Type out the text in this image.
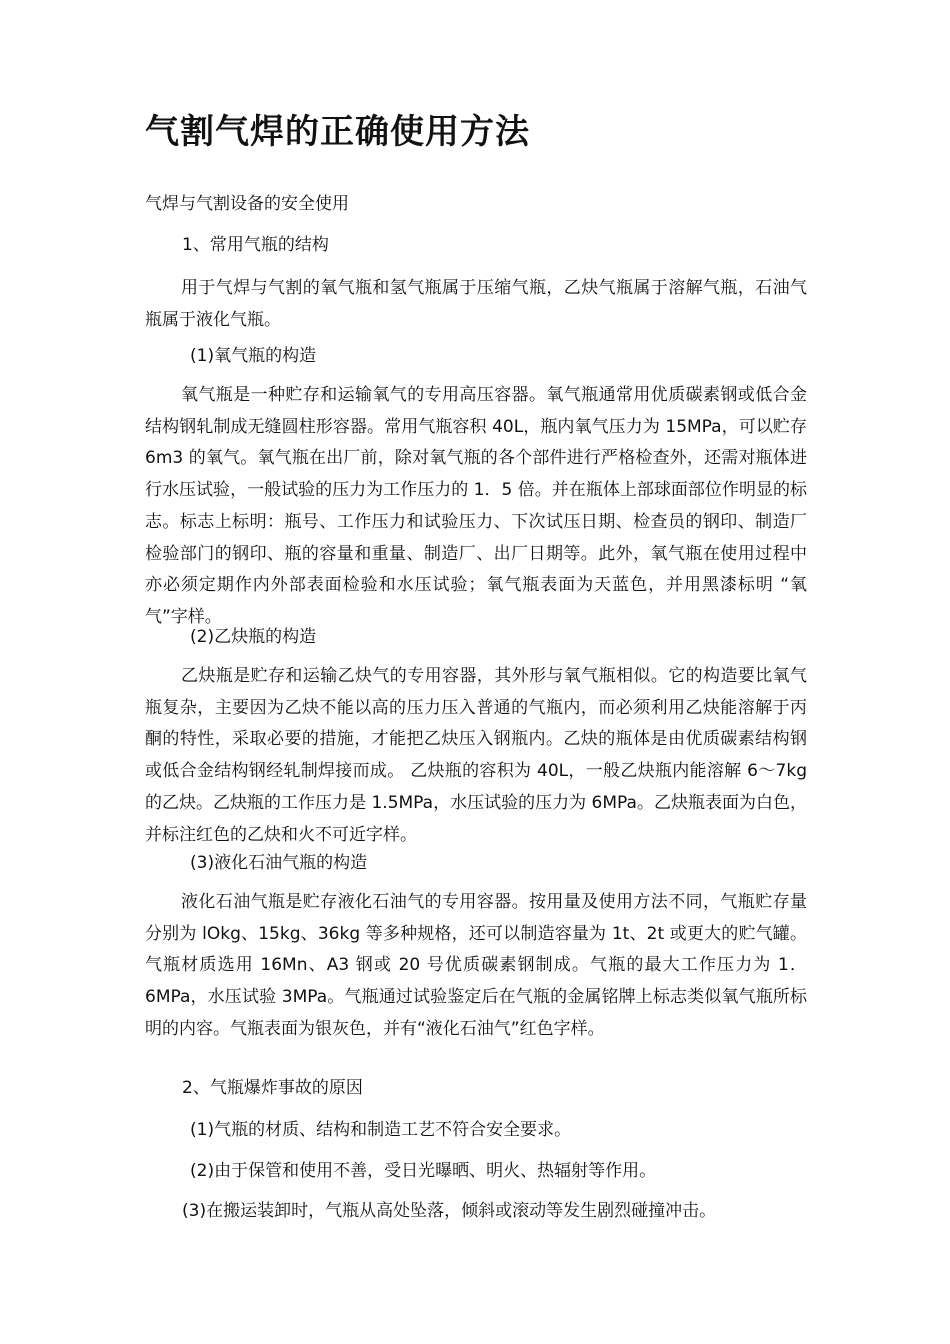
气割气焊的正确使用方法

气焊与气割设备的安全使用

1、常用气瓶的结构

用于气焊与气割的氧气瓶和氢气瓶属于压缩气瓶，乙炔气瓶属于溶解气瓶，石油气瓶属于液化气瓶。

(1)氧气瓶的构造

氧气瓶是一种贮存和运输氧气的专用高压容器。氧气瓶通常用优质碳素钢或低合金结构钢轧制成无缝圆柱形容器。常用气瓶容积 40L，瓶内氧气压力为 15MPa，可以贮存 6m3 的氧气。氧气瓶在出厂前，除对氧气瓶的各个部件进行严格检查外，还需对瓶体进行水压试验，一般试验的压力为工作压力的 1．5 倍。并在瓶体上部球面部位作明显的标志。标志上标明：瓶号、工作压力和试验压力、下次试压日期、检查员的钢印、制造厂检验部门的钢印、瓶的容量和重量、制造厂、出厂日期等。此外，氧气瓶在使用过程中亦必须定期作内外部表面检验和水压试验；氧气瓶表面为天蓝色，并用黑漆标明 “氧气”字样。

(2)乙炔瓶的构造

乙炔瓶是贮存和运输乙炔气的专用容器，其外形与氧气瓶相似。它的构造要比氧气瓶复杂，主要因为乙炔不能以高的压力压入普通的气瓶内，而必须利用乙炔能溶解于丙酮的特性，采取必要的措施，才能把乙炔压入钢瓶内。乙炔的瓶体是由优质碳素结构钢或低合金结构钢经轧制焊接而成。 乙炔瓶的容积为 40L，一般乙炔瓶内能溶解 6～7kg 的乙炔。乙炔瓶的工作压力是 1.5MPa，水压试验的压力为 6MPa。乙炔瓶表面为白色，并标注红色的乙炔和火不可近字样。

(3)液化石油气瓶的构造

液化石油气瓶是贮存液化石油气的专用容器。按用量及使用方法不同，气瓶贮存量分别为 lOkg、15kg、36kg 等多种规格，还可以制造容量为 1t、2t 或更大的贮气罐。气瓶材质选用 16Mn、A3 钢或 20 号优质碳素钢制成。气瓶的最大工作压力为 1．6MPa，水压试验 3MPa。气瓶通过试验鉴定后在气瓶的金属铭牌上标志类似氧气瓶所标明的内容。气瓶表面为银灰色，并有“液化石油气”红色字样。

2、气瓶爆炸事故的原因

(1)气瓶的材质、结构和制造工艺不符合安全要求。

(2)由于保管和使用不善，受日光曝晒、明火、热辐射等作用。

(3)在搬运装卸时，气瓶从高处坠落，倾斜或滚动等发生剧烈碰撞冲击。
